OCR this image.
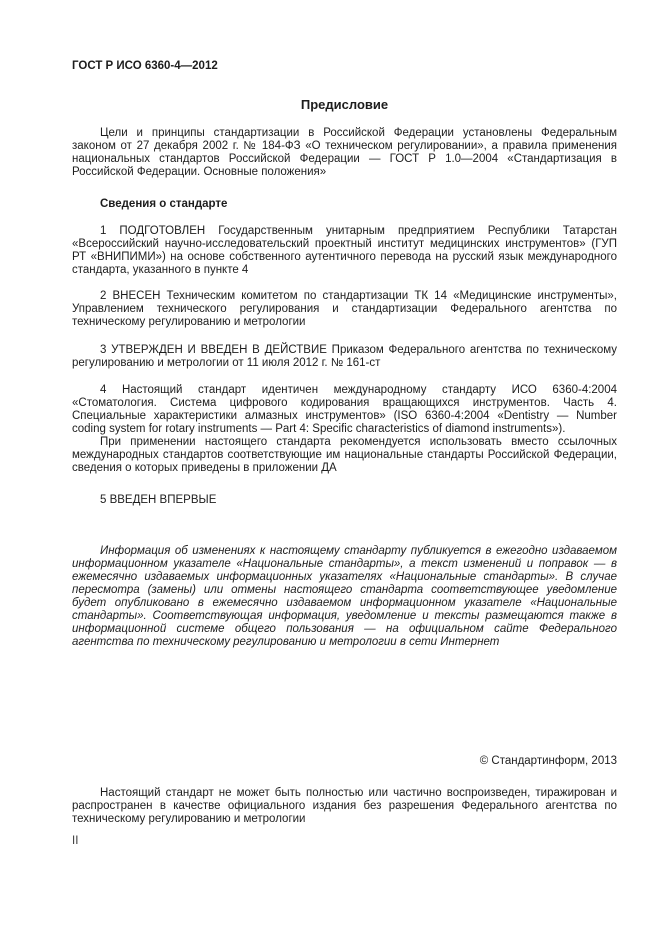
ГОСТ Р ИСО 6360-4—2012

Предисловие

Цели и принципы стандартизации в Российской Федерации установлены Федеральным законом от 27 декабря 2002 г. № 184-ФЗ «О техническом регулировании», а правила применения национальных стандартов Российской Федерации — ГОСТ Р 1.0—2004 «Стандартизация в Российской Федерации. Основные положения»

Сведения о стандарте

1 ПОДГОТОВЛЕН Государственным унитарным предприятием Республики Татарстан «Всероссийский научно-исследовательский проектный институт медицинских инструментов» (ГУП РТ «ВНИПИМИ») на основе собственного аутентичного перевода на русский язык международного стандарта, указанного в пункте 4

2 ВНЕСЕН Техническим комитетом по стандартизации ТК 14 «Медицинские инструменты», Управлением технического регулирования и стандартизации Федерального агентства по техническому регулированию и метрологии

3 УТВЕРЖДЕН И ВВЕДЕН В ДЕЙСТВИЕ Приказом Федерального агентства по техническому регулированию и метрологии от 11 июля 2012 г. № 161-ст

4 Настоящий стандарт идентичен международному стандарту ИСО 6360-4:2004 «Стоматология. Система цифрового кодирования вращающихся инструментов. Часть 4. Специальные характеристики алмазных инструментов» (ISO 6360-4:2004 «Dentistry — Number coding system for rotary instruments — Part 4: Specific characteristics of diamond instruments»).

При применении настоящего стандарта рекомендуется использовать вместо ссылочных международных стандартов соответствующие им национальные стандарты Российской Федерации, сведения о которых приведены в приложении ДА

5 ВВЕДЕН ВПЕРВЫЕ

Информация об изменениях к настоящему стандарту публикуется в ежегодно издаваемом информационном указателе «Национальные стандарты», а текст изменений и поправок — в ежемесячно издаваемых информационных указателях «Национальные стандарты». В случае пересмотра (замены) или отмены настоящего стандарта соответствующее уведомление будет опубликовано в ежемесячно издаваемом информационном указателе «Национальные стандарты». Соответствующая информация, уведомление и тексты размещаются также в информационной системе общего пользования — на официальном сайте Федерального агентства по техническому регулированию и метрологии в сети Интернет

© Стандартинформ, 2013

Настоящий стандарт не может быть полностью или частично воспроизведен, тиражирован и распространен в качестве официального издания без разрешения Федерального агентства по техническому регулированию и метрологии

II
